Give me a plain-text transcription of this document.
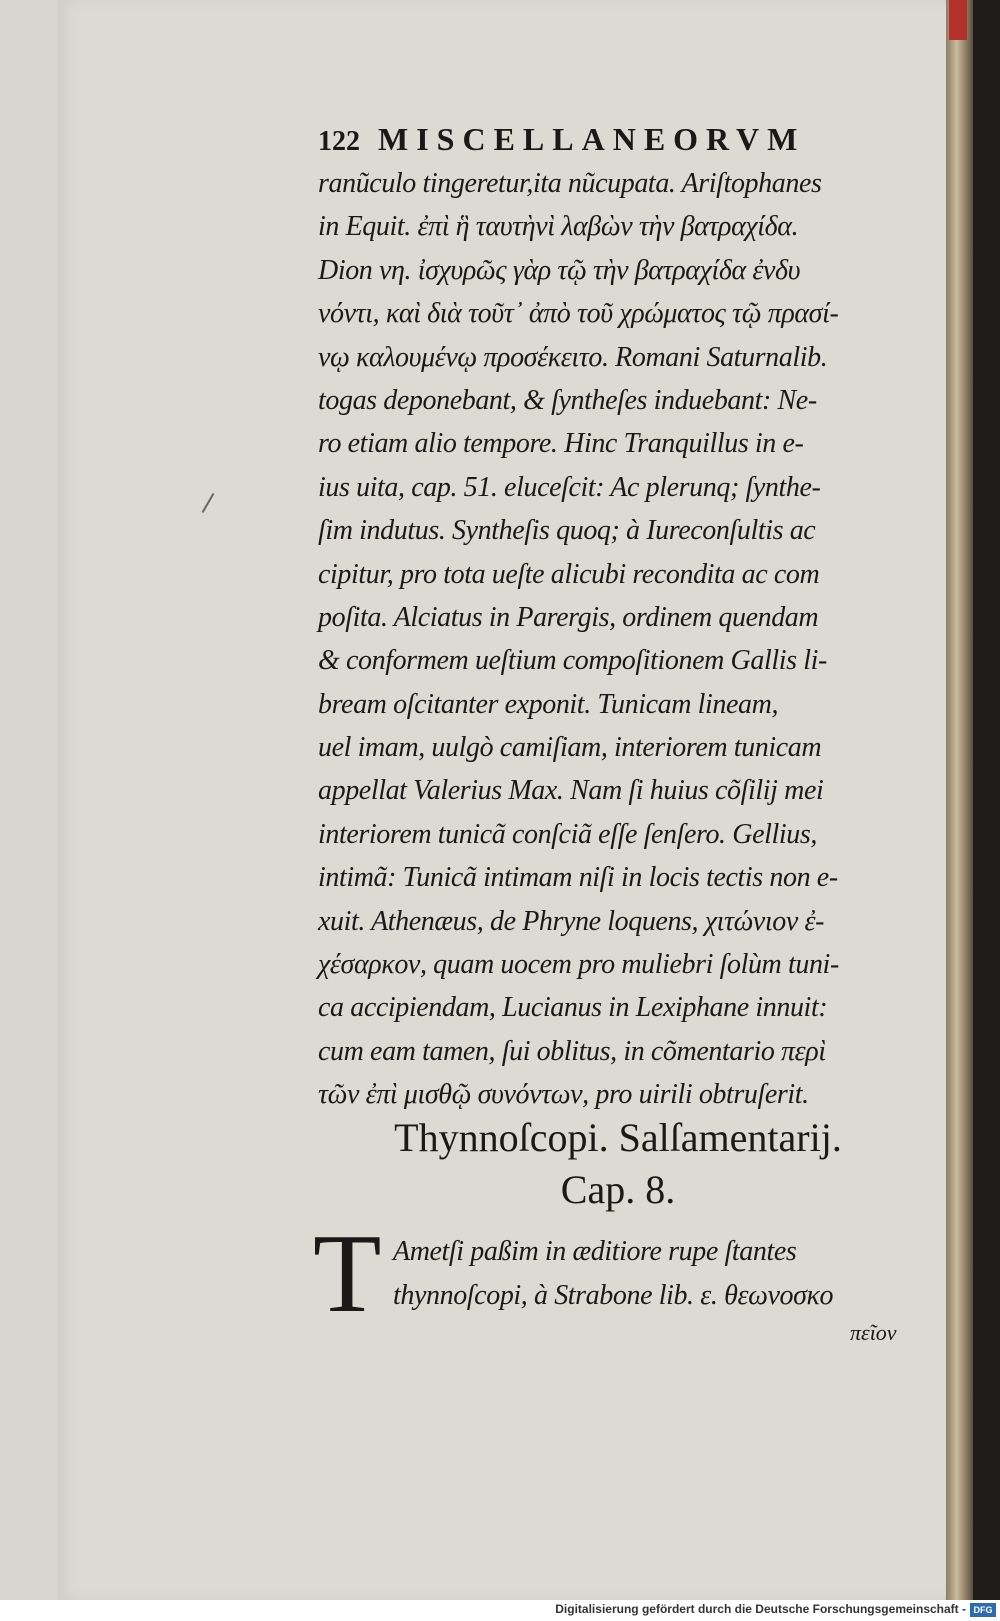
122 MISCELLANEORVM
ranũculo tingeretur,ita nũcupata. Ariſtophanes
in Equit. ἐπὶ ἣ ταυτὴνὶ λαβὼν τὴν βατραχίδα.
Dion νη. ἰσχυρῶς γὰρ τῷ τὴν βατραχίδα ἐνδυ
νόντι, καὶ διὰ τοῦτ᾽ ἀπὸ τοῦ χρώματος τῷ πρασί-
νῳ καλουμένῳ προσέκειτο. Romani Saturnalib.
togas deponebant, & ſyntheſes induebant: Ne-
ro etiam alio tempore. Hinc Tranquillus in e-
ius uita, cap. 51. eluceſcit: Ac plerunq; ſynthe-
ſim indutus. Syntheſis quoq; à Iureconſultis ac
cipitur, pro tota ueſte alicubi recondita ac com
poſita. Alciatus in Parergis, ordinem quendam
& conformem ueſtium compoſitionem Gallis li-
bream oſcitanter exponit. Tunicam lineam,
uel imam, uulgò camiſiam, interiorem tunicam
appellat Valerius Max. Nam ſi huius cõſilij mei
interiorem tunicã conſciã eſſe ſenſero. Gellius,
intimã: Tunicã intimam niſi in locis tectis non e-
xuit. Athenæus, de Phryne loquens, χιτώνιον ἐ-
χέσαρκον, quam uocem pro muliebri ſolùm tuni-
ca accipiendam, Lucianus in Lexiphane innuit:
cum eam tamen, ſui oblitus, in cõmentario περὶ
τῶν ἐπὶ μισθῷ συνόντων, pro uirili obtruſerit.
Thynnoſcopi. Salſamentarij.
Cap. 8.
T Ametſi paßim in æditiore rupe ſtantes
thynnoſcopi, à Strabone lib. ε. θεωνοσκο
πεῖον
Digitalisierung gefördert durch die Deutsche Forschungsgemeinschaft - DFG
